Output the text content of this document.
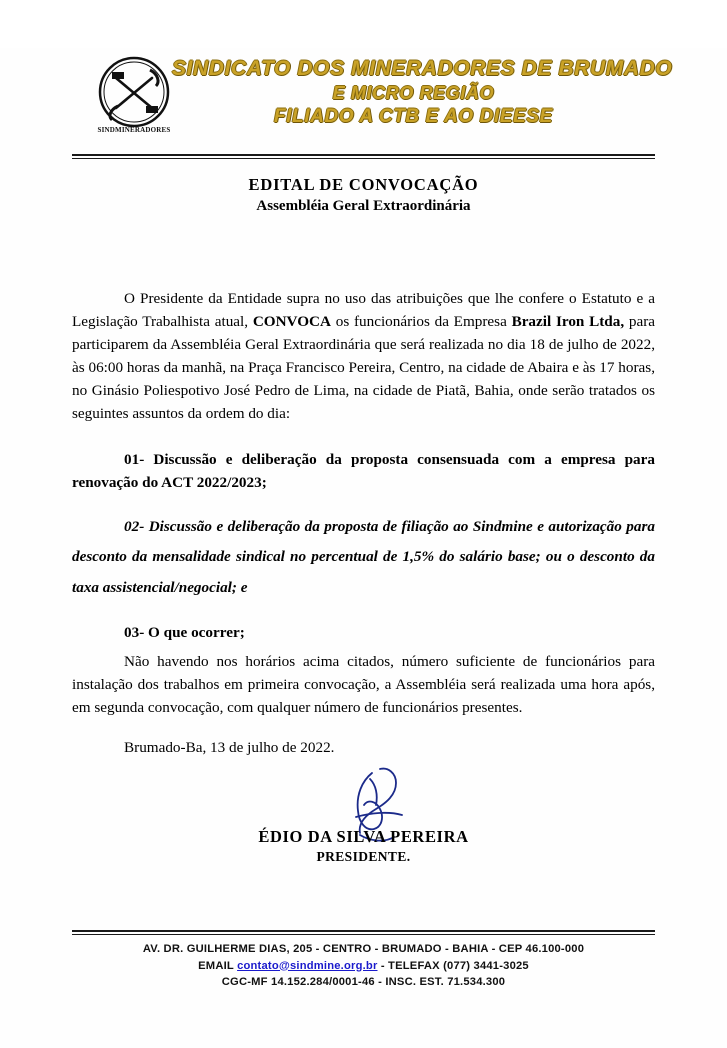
SINDMINERADORES
SINDICATO DOS MINERADORES DE BRUMADO
E MICRO REGIÃO
FILIADO A CTB E AO DIEESE
EDITAL DE CONVOCAÇÃO
Assembléia Geral Extraordinária

O Presidente da Entidade supra no uso das atribuições que lhe confere o Estatuto e a Legislação Trabalhista atual, CONVOCA os funcionários da Empresa Brazil Iron Ltda, para participarem da Assembléia Geral Extraordinária que será realizada no dia 18 de julho de 2022, às 06:00 horas da manhã, na Praça Francisco Pereira, Centro, na cidade de Abaira e às 17 horas, no Ginásio Poliespotivo José Pedro de Lima, na cidade de Piatã, Bahia, onde serão tratados os seguintes assuntos da ordem do dia:

01- Discussão e deliberação da proposta consensuada com a empresa para renovação do ACT 2022/2023;
02- Discussão e deliberação da proposta de filiação ao Sindmine e autorização para desconto da mensalidade sindical no percentual de 1,5% do salário base; ou o desconto da taxa assistencial/negocial; e
03- O que ocorrer;

Não havendo nos horários acima citados, número suficiente de funcionários para instalação dos trabalhos em primeira convocação, a Assembléia será realizada uma hora após, em segunda convocação, com qualquer número de funcionários presentes.

Brumado-Ba, 13 de julho de 2022.
ÉDIO DA SILVA PEREIRA
PRESIDENTE.
AV. DR. GUILHERME DIAS, 205 - CENTRO - BRUMADO - BAHIA - CEP 46.100-000
EMAIL contato@sindmine.org.br - TELEFAX (077) 3441-3025
CGC-MF 14.152.284/0001-46 - INSC. EST. 71.534.300
